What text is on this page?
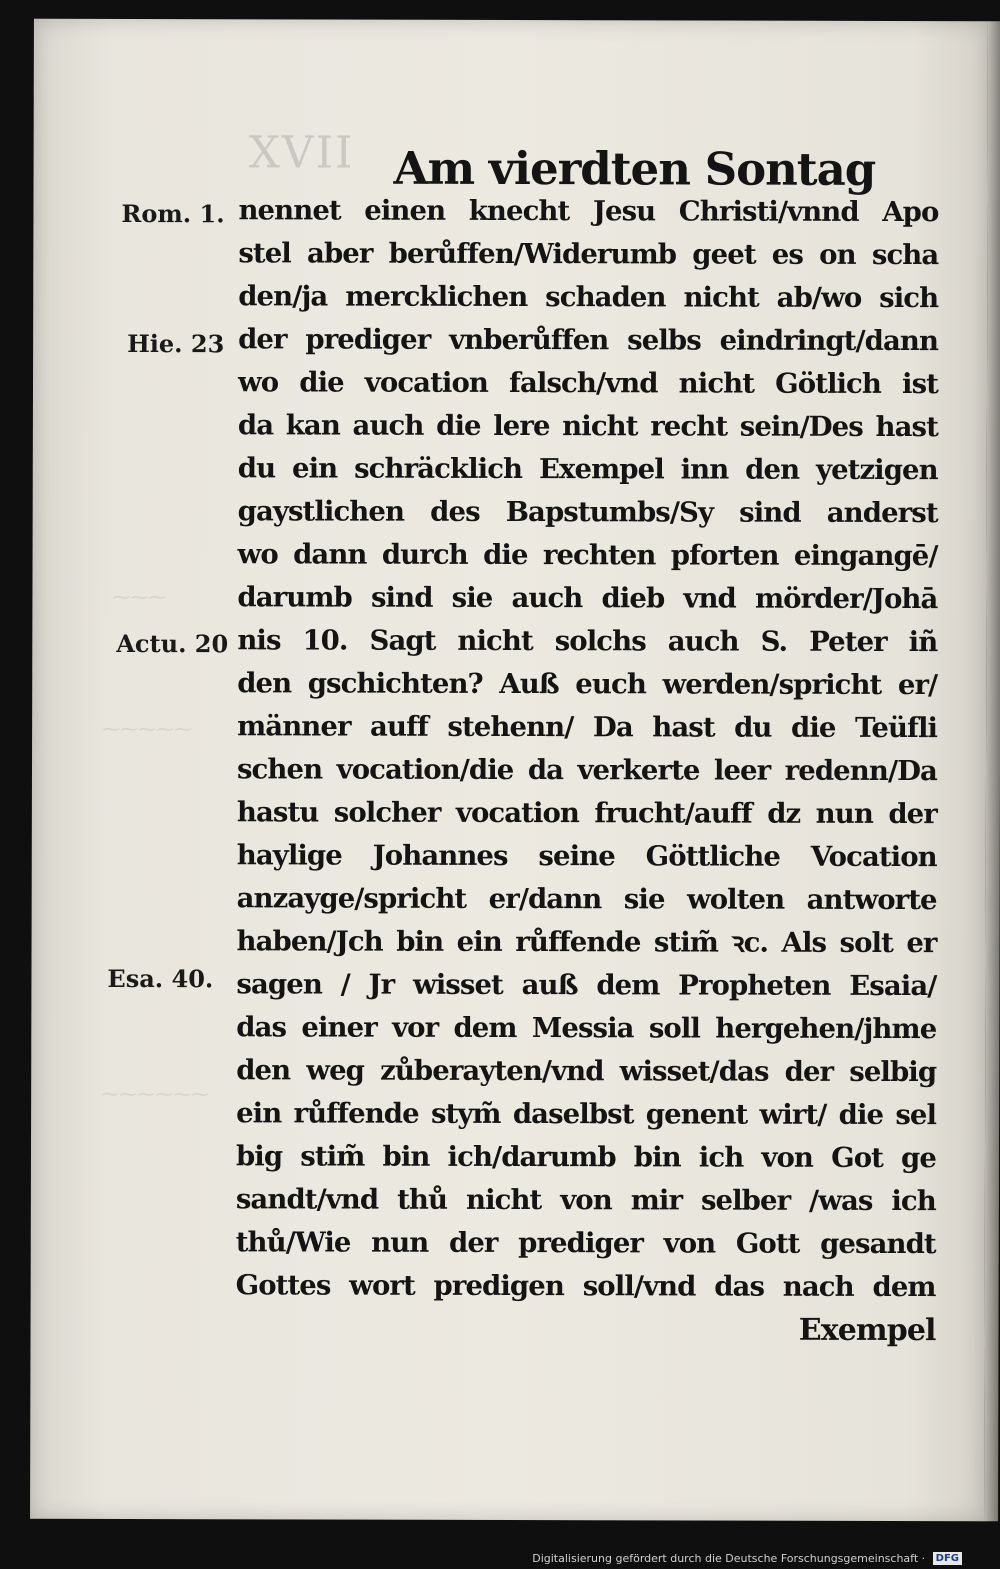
XVII Am vierdten Sontag
⁓⁓⁓
⁓⁓⁓⁓⁓
⁓⁓⁓⁓⁓⁓
Rom. 1.
Hie. 23
Actu. 20
Esa. 40.
nennet einen knecht Jesu Christi/vnnd Apo
stel aber berůffen/Widerumb geet es on scha
den/ja mercklichen schaden nicht ab/wo sich
der prediger vnberůffen selbs eindringt/dann
wo die vocation falsch/vnd nicht Götlich ist
da kan auch die lere nicht recht sein/Des hast
du ein schräcklich Exempel inn den yetzigen
gaystlichen des Bapstumbs/Sy sind anderst
wo dann durch die rechten pforten eingangē/
darumb sind sie auch dieb vnd mörder/Johā
nis 10. Sagt nicht solchs auch S. Peter iñ
den gschichten? Auß euch werden/spricht er/
männer auff stehenn/ Da hast du die Teüfli
schen vocation/die da verkerte leer redenn/Da
hastu solcher vocation frucht/auff dz nun der
haylige Johannes seine Göttliche Vocation
anzayge/spricht er/dann sie wolten antworte
haben/Jch bin ein růffende stim̃ ꝛc. Als solt er
sagen / Jr wisset auß dem Propheten Esaia/
das einer vor dem Messia soll hergehen/jhme
den weg zůberayten/vnd wisset/das der selbig
ein růffende stym̃ daselbst genent wirt/ die sel
big stim̃ bin ich/darumb bin ich von Got ge
sandt/vnd thů nicht von mir selber /was ich
thů/Wie nun der prediger von Gott gesandt
Gottes wort predigen soll/vnd das nach dem
Exempel
Digitalisierung gefördert durch die Deutsche Forschungsgemeinschaft · DFG
